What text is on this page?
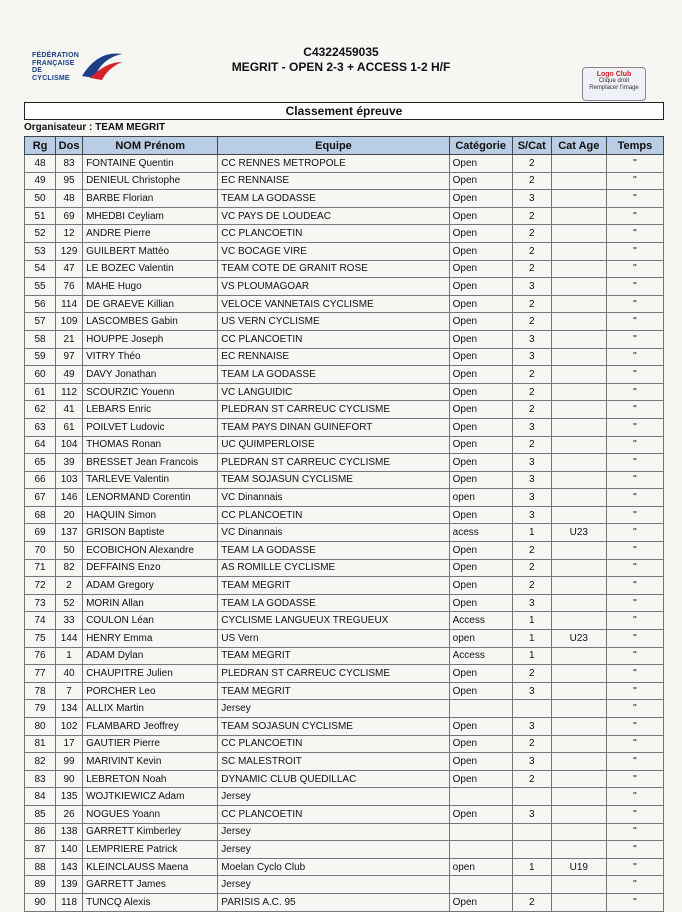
FÉDÉRATION FRANÇAISE DE CYCLISME
C4322459035
MEGRIT - OPEN 2-3 + ACCESS 1-2 H/F
Logo Club
Clique droit
Remplacer l'image
Classement épreuve
Organisateur : TEAM MEGRIT
Rg	Dos	NOM Prénom	Equipe	Catégorie	S/Cat	Cat Age	Temps
48	83	FONTAINE Quentin	CC RENNES METROPOLE	Open	2		"
49	95	DENIEUL Christophe	EC RENNAISE	Open	2		"
50	48	BARBE Florian	TEAM LA GODASSE	Open	3		"
51	69	MHEDBI Ceyliam	VC PAYS DE LOUDEAC	Open	2		"
52	12	ANDRE Pierre	CC PLANCOETIN	Open	2		"
53	129	GUILBERT Mattéo	VC BOCAGE VIRE	Open	2		"
54	47	LE BOZEC Valentin	TEAM COTE DE GRANIT ROSE	Open	2		"
55	76	MAHE Hugo	VS PLOUMAGOAR	Open	3		"
56	114	DE GRAEVE Killian	VELOCE VANNETAIS CYCLISME	Open	2		"
57	109	LASCOMBES Gabin	US VERN CYCLISME	Open	2		"
58	21	HOUPPE Joseph	CC PLANCOETIN	Open	3		"
59	97	VITRY Théo	EC RENNAISE	Open	3		"
60	49	DAVY Jonathan	TEAM LA GODASSE	Open	2		"
61	112	SCOURZIC Youenn	VC LANGUIDIC	Open	2		"
62	41	LEBARS Enric	PLEDRAN ST CARREUC CYCLISME	Open	2		"
63	61	POILVET Ludovic	TEAM PAYS DINAN GUINEFORT	Open	3		"
64	104	THOMAS Ronan	UC QUIMPERLOISE	Open	2		"
65	39	BRESSET Jean Francois	PLEDRAN ST CARREUC CYCLISME	Open	3		"
66	103	TARLEVE Valentin	TEAM SOJASUN CYCLISME	Open	3		"
67	146	LENORMAND Corentin	VC Dinannais	open	3		"
68	20	HAQUIN Simon	CC PLANCOETIN	Open	3		"
69	137	GRISON Baptiste	VC Dinannais	acess	1	U23	"
70	50	ECOBICHON Alexandre	TEAM LA GODASSE	Open	2		"
71	82	DEFFAINS Enzo	AS ROMILLE CYCLISME	Open	2		"
72	2	ADAM Gregory	TEAM MEGRIT	Open	2		"
73	52	MORIN Allan	TEAM LA GODASSE	Open	3		"
74	33	COULON Léan	CYCLISME LANGUEUX TREGUEUX	Access	1		"
75	144	HENRY Emma	US Vern	open	1	U23	"
76	1	ADAM Dylan	TEAM MEGRIT	Access	1		"
77	40	CHAUPITRE Julien	PLEDRAN ST CARREUC CYCLISME	Open	2		"
78	7	PORCHER Leo	TEAM MEGRIT	Open	3		"
79	134	ALLIX Martin	Jersey				"
80	102	FLAMBARD Jeoffrey	TEAM SOJASUN CYCLISME	Open	3		"
81	17	GAUTIER Pierre	CC PLANCOETIN	Open	2		"
82	99	MARIVINT Kevin	SC MALESTROIT	Open	3		"
83	90	LEBRETON Noah	DYNAMIC CLUB QUEDILLAC	Open	2		"
84	135	WOJTKIEWICZ Adam	Jersey				"
85	26	NOGUES Yoann	CC PLANCOETIN	Open	3		"
86	138	GARRETT Kimberley	Jersey				"
87	140	LEMPRIERE Patrick	Jersey				"
88	143	KLEINCLAUSS Maena	Moelan Cyclo Club	open	1	U19	"
89	139	GARRETT James	Jersey				"
90	118	TUNCQ Alexis	PARISIS A.C. 95	Open	2		"
